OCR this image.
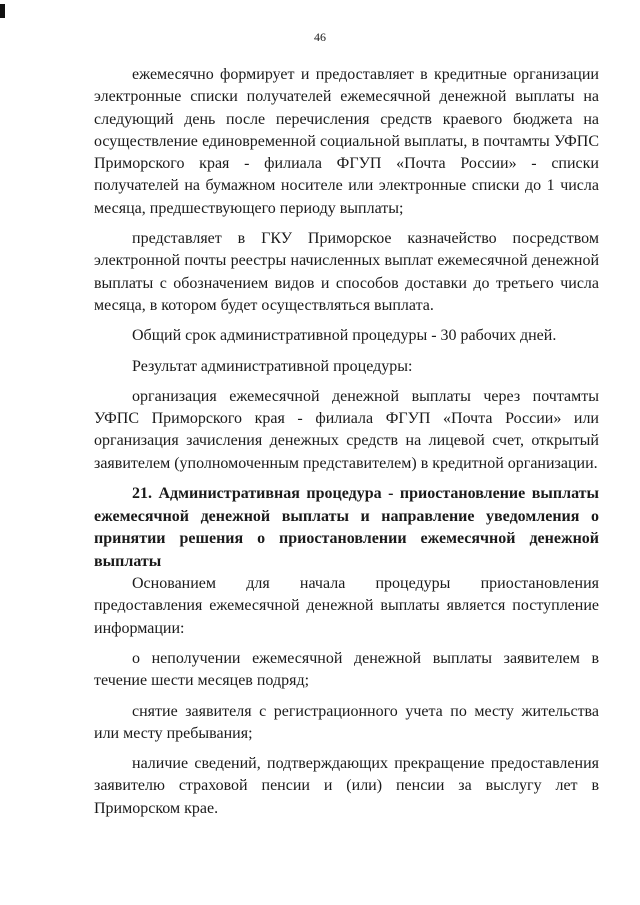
46

ежемесячно формирует и предоставляет в кредитные организации электронные списки получателей ежемесячной денежной выплаты на следующий день после перечисления средств краевого бюджета на осуществление единовременной социальной выплаты, в почтамты УФПС Приморского края - филиала ФГУП «Почта России» - списки получателей на бумажном носителе или электронные списки до 1 числа месяца, предшествующего периоду выплаты;

представляет в ГКУ Приморское казначейство посредством электронной почты реестры начисленных выплат ежемесячной денежной выплаты с обозначением видов и способов доставки до третьего числа месяца, в котором будет осуществляться выплата.

Общий срок административной процедуры - 30 рабочих дней.

Результат административной процедуры:

организация ежемесячной денежной выплаты через почтамты УФПС Приморского края - филиала ФГУП «Почта России» или организация зачисления денежных средств на лицевой счет, открытый заявителем (уполномоченным представителем) в кредитной организации.

21. Административная процедура - приостановление выплаты ежемесячной денежной выплаты и направление уведомления о принятии решения о приостановлении ежемесячной денежной выплаты

Основанием для начала процедуры приостановления предоставления ежемесячной денежной выплаты является поступление информации:

о неполучении ежемесячной денежной выплаты заявителем в течение шести месяцев подряд;

снятие заявителя с регистрационного учета по месту жительства или месту пребывания;

наличие сведений, подтверждающих прекращение предоставления заявителю страховой пенсии и (или) пенсии за выслугу лет в Приморском крае.
